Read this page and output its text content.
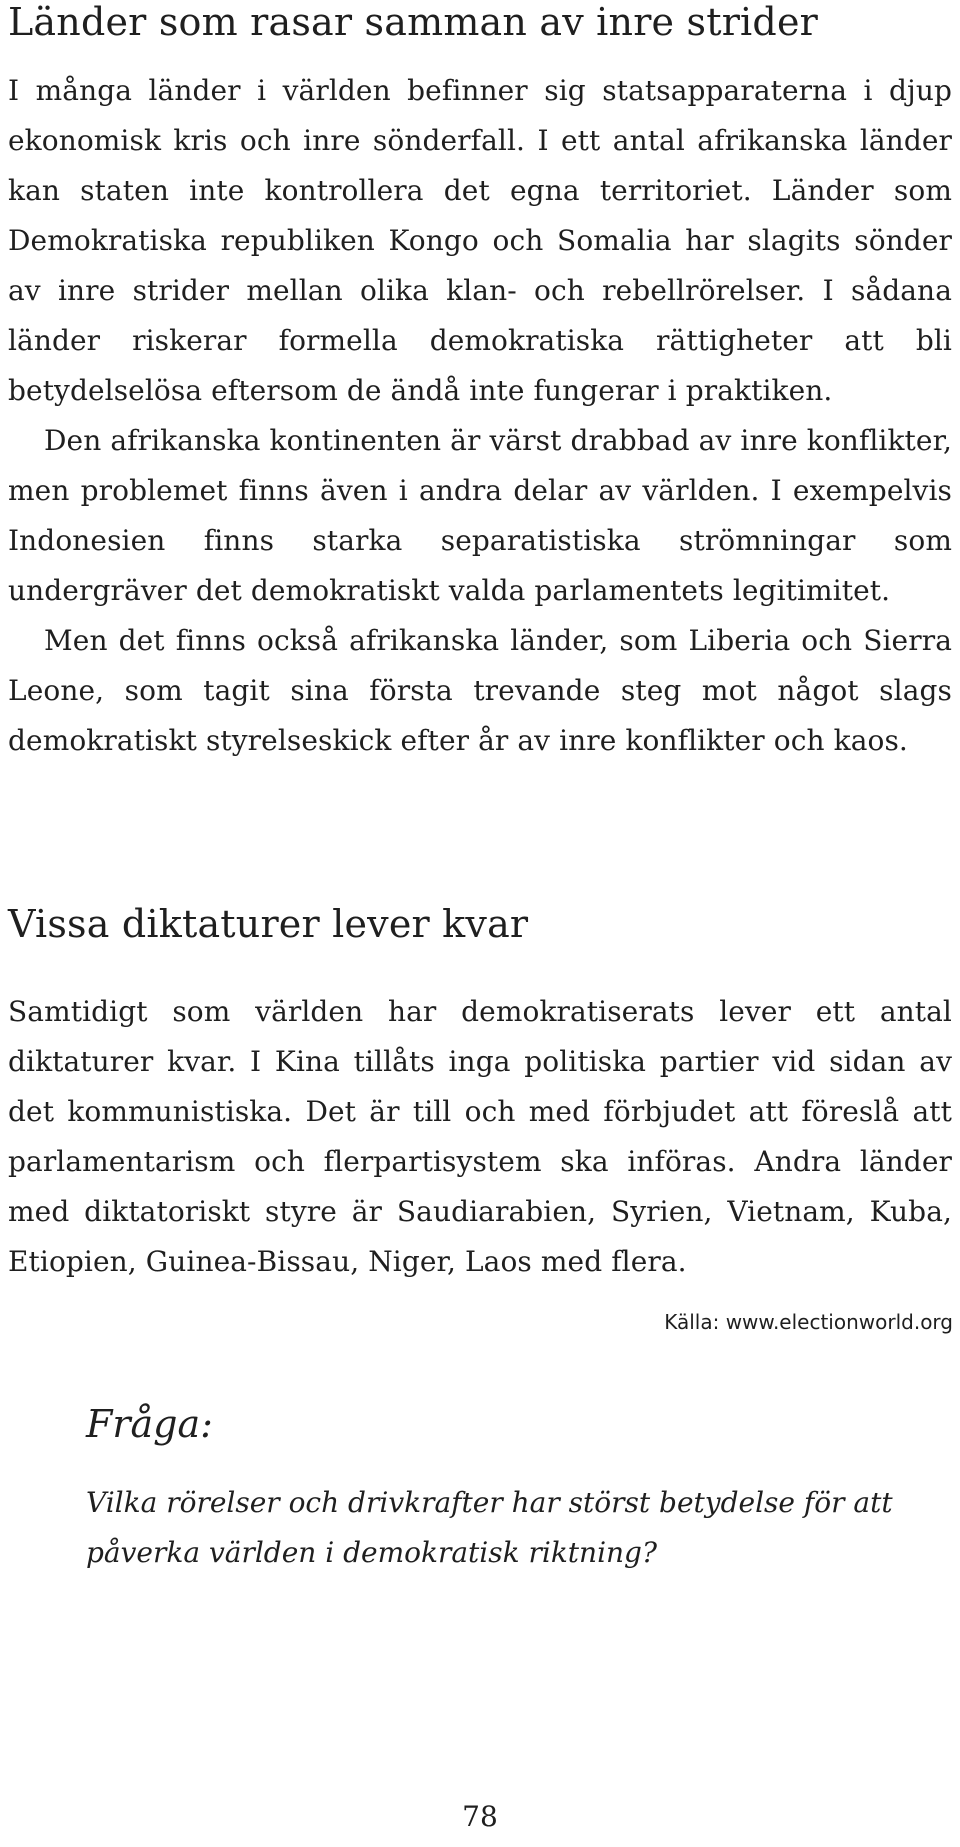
Länder som rasar samman av inre strider

I många länder i världen befinner sig statsapparaterna i djup ekonomisk kris och inre sönderfall. I ett antal afrikanska länder kan staten inte kontrollera det egna territoriet. Länder som Demokratiska republiken Kongo och Somalia har slagits sönder av inre strider mellan olika klan- och rebellrörelser. I sådana länder riskerar formella demokratiska rättigheter att bli betydelselösa eftersom de ändå inte fungerar i praktiken.
Den afrikanska kontinenten är värst drabbad av inre konflikter, men problemet finns även i andra delar av världen. I exempelvis Indonesien finns starka separatistiska strömningar som undergräver det demokratiskt valda parlamentets legitimitet.
Men det finns också afrikanska länder, som Liberia och Sierra Leone, som tagit sina första trevande steg mot något slags demokratiskt styrelseskick efter år av inre konflikter och kaos.

Vissa diktaturer lever kvar

Samtidigt som världen har demokratiserats lever ett antal diktaturer kvar. I Kina tillåts inga politiska partier vid sidan av det kommunistiska. Det är till och med förbjudet att föreslå att parlamentarism och flerpartisystem ska införas. Andra länder med diktatoriskt styre är Saudiarabien, Syrien, Vietnam, Kuba, Etiopien, Guinea-Bissau, Niger, Laos med flera.

Källa: www.electionworld.org
Fråga:

Vilka rörelser och drivkrafter har störst betydelse för att påverka världen i demokratisk riktning?

78
